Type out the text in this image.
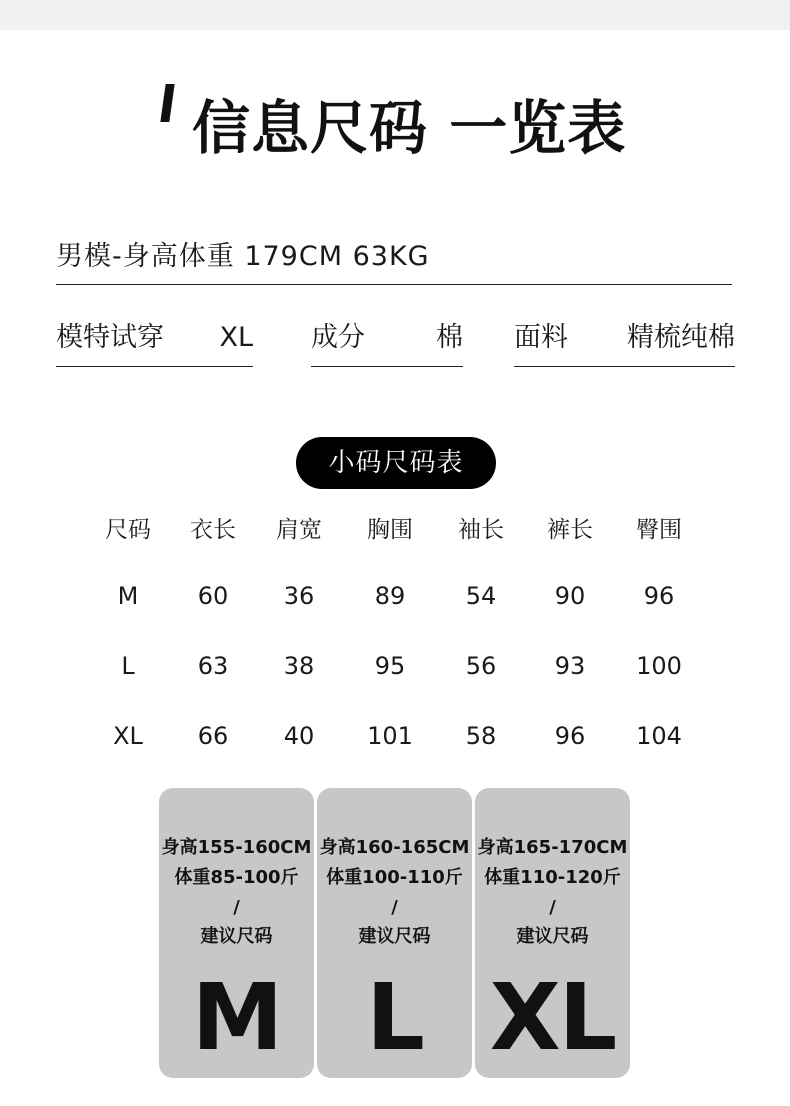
信息尺码 一览表
男模-身高体重 179CM 63KG
模特试穿 XL 成分	棉 面料 精梳纯棉
小码尺码表
尺码	衣长	肩宽	胸围	袖长	裤长	臀围
M	60	36	89	54	90	96
L	63	38	95	56	93	100
XL	66	40	101	58	96	104
身高155-160CM
体重85-100斤
/
建议尺码
M
身高160-165CM
体重100-110斤
/
建议尺码
L
身高165-170CM
体重110-120斤
/
建议尺码
XL
